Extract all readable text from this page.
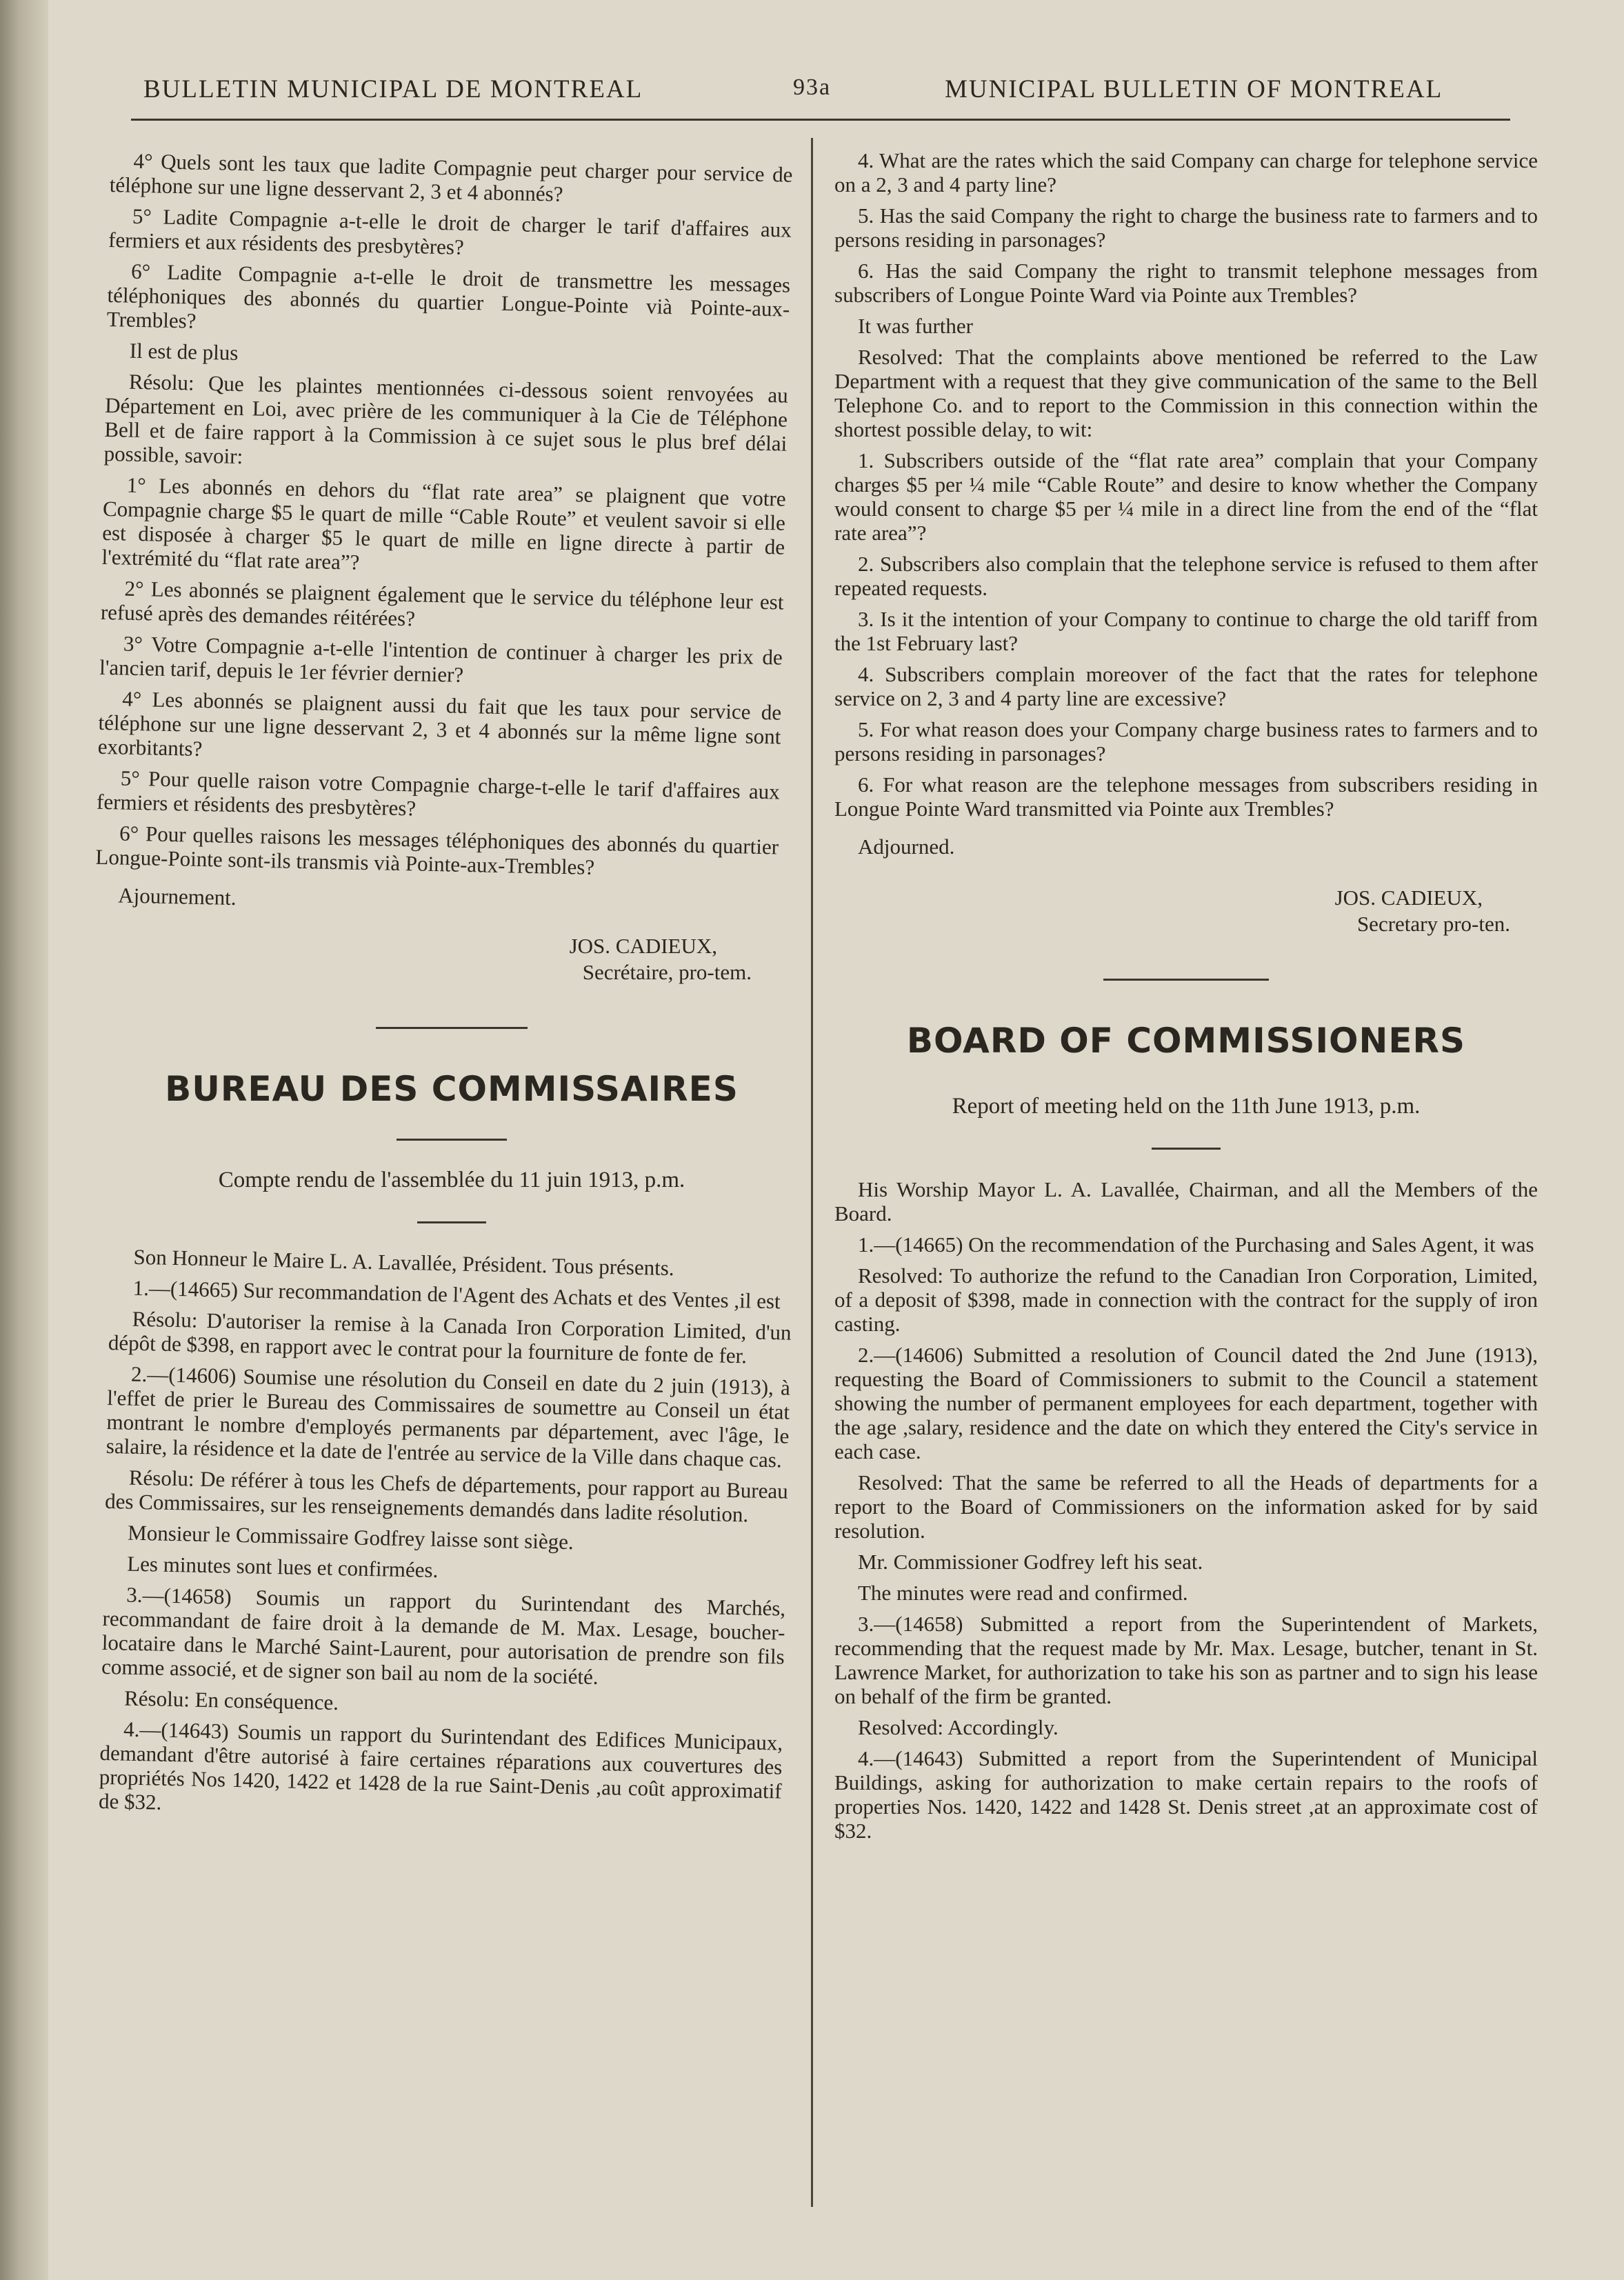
BULLETIN MUNICIPAL DE MONTREAL	93a	MUNICIPAL BULLETIN OF MONTREAL

4° Quels sont les taux que ladite Compagnie peut charger pour service de téléphone sur une ligne desservant 2, 3 et 4 abonnés?

5° Ladite Compagnie a-t-elle le droit de charger le tarif d'affaires aux fermiers et aux résidents des presbytères?

6° Ladite Compagnie a-t-elle le droit de transmettre les messages téléphoniques des abonnés du quartier Longue-Pointe vià Pointe-aux-Trembles?

Il est de plus

Résolu: Que les plaintes mentionnées ci-dessous soient renvoyées au Département en Loi, avec prière de les communiquer à la Cie de Téléphone Bell et de faire rapport à la Commission à ce sujet sous le plus bref délai possible, savoir:

1° Les abonnés en dehors du “flat rate area” se plaignent que votre Compagnie charge $5 le quart de mille “Cable Route” et veulent savoir si elle est disposée à charger $5 le quart de mille en ligne directe à partir de l'extrémité du “flat rate area”?

2° Les abonnés se plaignent également que le service du téléphone leur est refusé après des demandes réitérées?

3° Votre Compagnie a-t-elle l'intention de continuer à charger les prix de l'ancien tarif, depuis le 1er février dernier?

4° Les abonnés se plaignent aussi du fait que les taux pour service de téléphone sur une ligne desservant 2, 3 et 4 abonnés sur la même ligne sont exorbitants?

5° Pour quelle raison votre Compagnie charge-t-elle le tarif d'affaires aux fermiers et résidents des presbytères?

6° Pour quelles raisons les messages téléphoniques des abonnés du quartier Longue-Pointe sont-ils transmis vià Pointe-aux-Trembles?

Ajournement.

JOS. CADIEUX,
Secrétaire, pro-tem.
BUREAU DES COMMISSAIRES
Compte rendu de l'assemblée du 11 juin 1913, p.m.

Son Honneur le Maire L. A. Lavallée, Président. Tous présents.

1.—(14665) Sur recommandation de l'Agent des Achats et des Ventes ,il est

Résolu: D'autoriser la remise à la Canada Iron Corporation Limited, d'un dépôt de $398, en rapport avec le contrat pour la fourniture de fonte de fer.

2.—(14606) Soumise une résolution du Conseil en date du 2 juin (1913), à l'effet de prier le Bureau des Commissaires de soumettre au Conseil un état montrant le nombre d'employés permanents par département, avec l'âge, le salaire, la résidence et la date de l'entrée au service de la Ville dans chaque cas.

Résolu: De référer à tous les Chefs de départements, pour rapport au Bureau des Commissaires, sur les renseignements demandés dans ladite résolution.

Monsieur le Commissaire Godfrey laisse sont siège.

Les minutes sont lues et confirmées.

3.—(14658) Soumis un rapport du Surintendant des Marchés, recommandant de faire droit à la demande de M. Max. Lesage, boucher-locataire dans le Marché Saint-Laurent, pour autorisation de prendre son fils comme associé, et de signer son bail au nom de la société.

Résolu: En conséquence.

4.—(14643) Soumis un rapport du Surintendant des Edifices Municipaux, demandant d'être autorisé à faire certaines réparations aux couvertures des propriétés Nos 1420, 1422 et 1428 de la rue Saint-Denis ,au coût approximatif de $32.

4. What are the rates which the said Company can charge for telephone service on a 2, 3 and 4 party line?

5. Has the said Company the right to charge the business rate to farmers and to persons residing in parsonages?

6. Has the said Company the right to transmit telephone messages from subscribers of Longue Pointe Ward via Pointe aux Trembles?

It was further

Resolved: That the complaints above mentioned be referred to the Law Department with a request that they give communication of the same to the Bell Telephone Co. and to report to the Commission in this connection within the shortest possible delay, to wit:

1. Subscribers outside of the “flat rate area” complain that your Company charges $5 per ¼ mile “Cable Route” and desire to know whether the Company would consent to charge $5 per ¼ mile in a direct line from the end of the “flat rate area”?

2. Subscribers also complain that the telephone service is refused to them after repeated requests.

3. Is it the intention of your Company to continue to charge the old tariff from the 1st February last?

4. Subscribers complain moreover of the fact that the rates for telephone service on 2, 3 and 4 party line are excessive?

5. For what reason does your Company charge business rates to farmers and to persons residing in parsonages?

6. For what reason are the telephone messages from subscribers residing in Longue Pointe Ward transmitted via Pointe aux Trembles?

Adjourned.

JOS. CADIEUX,
Secretary pro-ten.
BOARD OF COMMISSIONERS
Report of meeting held on the 11th June 1913, p.m.

His Worship Mayor L. A. Lavallée, Chairman, and all the Members of the Board.

1.—(14665) On the recommendation of the Purchasing and Sales Agent, it was

Resolved: To authorize the refund to the Canadian Iron Corporation, Limited, of a deposit of $398, made in connection with the contract for the supply of iron casting.

2.—(14606) Submitted a resolution of Council dated the 2nd June (1913), requesting the Board of Commissioners to submit to the Council a statement showing the number of permanent employees for each department, together with the age ,salary, residence and the date on which they entered the City's service in each case.

Resolved: That the same be referred to all the Heads of departments for a report to the Board of Commissioners on the information asked for by said resolution.

Mr. Commissioner Godfrey left his seat.

The minutes were read and confirmed.

3.—(14658) Submitted a report from the Superintendent of Markets, recommending that the request made by Mr. Max. Lesage, butcher, tenant in St. Lawrence Market, for authorization to take his son as partner and to sign his lease on behalf of the firm be granted.

Resolved: Accordingly.

4.—(14643) Submitted a report from the Superintendent of Municipal Buildings, asking for authorization to make certain repairs to the roofs of properties Nos. 1420, 1422 and 1428 St. Denis street ,at an approximate cost of $32.
